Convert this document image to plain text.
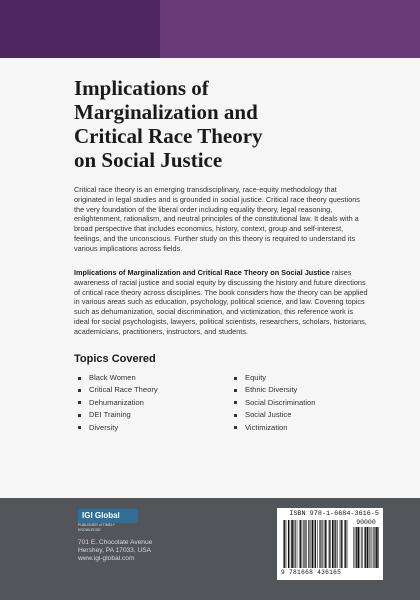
Implications of
Marginalization and
Critical Race Theory
on Social Justice

Critical race theory is an emerging transdisciplinary, race-equity methodology that originated in legal studies and is grounded in social justice. Critical race theory questions the very foundation of the liberal order including equality theory, legal reasoning, enlightenment, rationalism, and neutral principles of the constitutional law. It deals with a broad perspective that includes economics, history, context, group and self-interest, feelings, and the unconscious. Further study on this theory is required to understand its various implications across fields.

Implications of Marginalization and Critical Race Theory on Social Justice raises awareness of racial justice and social equity by discussing the history and future directions of critical race theory across disciplines. The book considers how the theory can be applied in various areas such as education, psychology, political science, and law. Covering topics such as dehumanization, social discrimination, and victimization, this reference work is ideal for social psychologists, lawyers, political scientists, researchers, scholars, historians, academicians, practitioners, instructors, and students.

Topics Covered
Black Women
Critical Race Theory
Dehumanization
DEI Training
Diversity
Equity
Ethnic Diversity
Social Discrimination
Social Justice
Victimization
IGI Global
PUBLISHER of TIMELY KNOWLEDGE
701 E. Chocolate Avenue
Hershey, PA 17033, USA
www.igi-global.com
ISBN 978-1-6684-3616-5
90000
9 781668 436165
